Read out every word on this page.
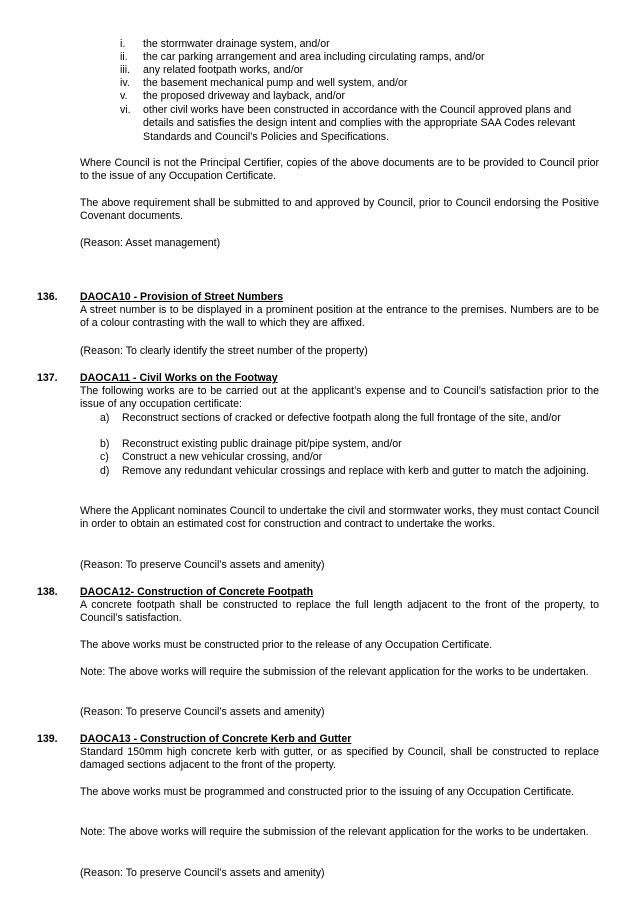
i.	the stormwater drainage system, and/or
ii.	the car parking arrangement and area including circulating ramps, and/or
iii.	any related footpath works, and/or
iv.	the basement mechanical pump and well system, and/or
v.	the proposed driveway and layback, and/or
vi.	other civil works have been constructed in accordance with the Council approved plans and details and satisfies the design intent and complies with the appropriate SAA Codes relevant Standards and Council’s Policies and Specifications.
Where Council is not the Principal Certifier, copies of the above documents are to be provided to Council prior to the issue of any Occupation Certificate.
The above requirement shall be submitted to and approved by Council, prior to Council endorsing the Positive Covenant documents.
(Reason: Asset management)
136. DAOCA10 - Provision of Street Numbers
A street number is to be displayed in a prominent position at the entrance to the premises. Numbers are to be of a colour contrasting with the wall to which they are affixed.
(Reason: To clearly identify the street number of the property)
137. DAOCA11 - Civil Works on the Footway
The following works are to be carried out at the applicant’s expense and to Council’s satisfaction prior to the issue of any occupation certificate:
a)	Reconstruct sections of cracked or defective footpath along the full frontage of the site, and/or
b)	Reconstruct existing public drainage pit/pipe system, and/or
c)	Construct a new vehicular crossing, and/or
d)	Remove any redundant vehicular crossings and replace with kerb and gutter to match the adjoining.
Where the Applicant nominates Council to undertake the civil and stormwater works, they must contact Council in order to obtain an estimated cost for construction and contract to undertake the works.
(Reason: To preserve Council’s assets and amenity)
138. DAOCA12- Construction of Concrete Footpath
A concrete footpath shall be constructed to replace the full length adjacent to the front of the property, to Council’s satisfaction.
The above works must be constructed prior to the release of any Occupation Certificate.
Note: The above works will require the submission of the relevant application for the works to be undertaken.
(Reason: To preserve Council’s assets and amenity)
139. DAOCA13 - Construction of Concrete Kerb and Gutter
Standard 150mm high concrete kerb with gutter, or as specified by Council, shall be constructed to replace damaged sections adjacent to the front of the property.
The above works must be programmed and constructed prior to the issuing of any Occupation Certificate.
Note: The above works will require the submission of the relevant application for the works to be undertaken.
(Reason: To preserve Council’s assets and amenity)
